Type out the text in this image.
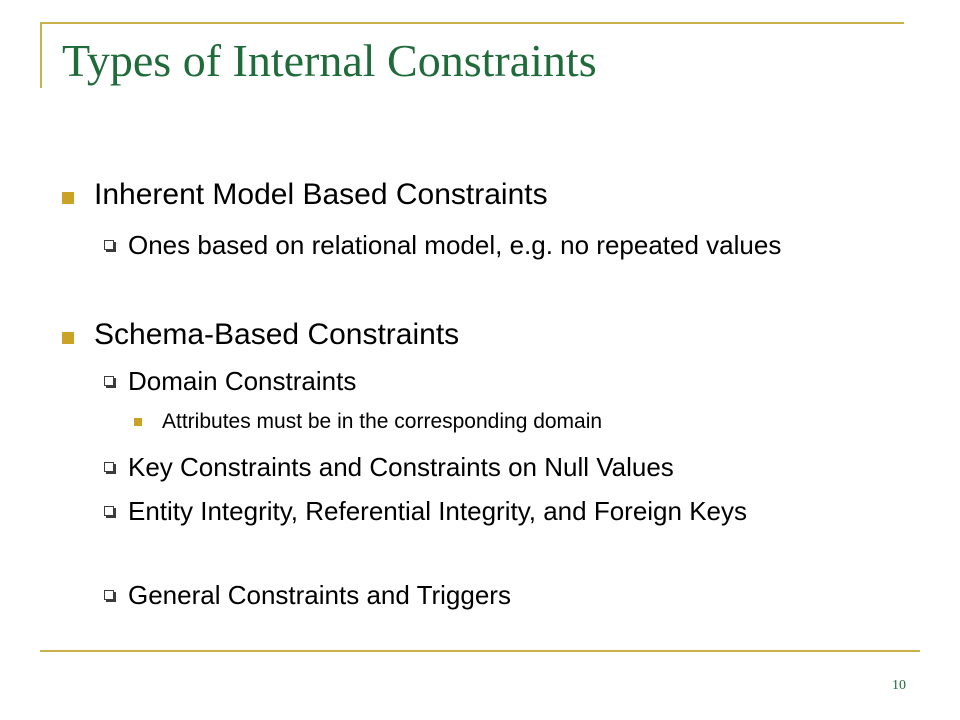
Types of Internal Constraints
Inherent Model Based Constraints
Ones based on relational model, e.g. no repeated values
Schema-Based Constraints
Domain Constraints
Attributes must be in the corresponding domain
Key Constraints and Constraints on Null Values
Entity Integrity, Referential Integrity, and Foreign Keys
General Constraints and Triggers
10
